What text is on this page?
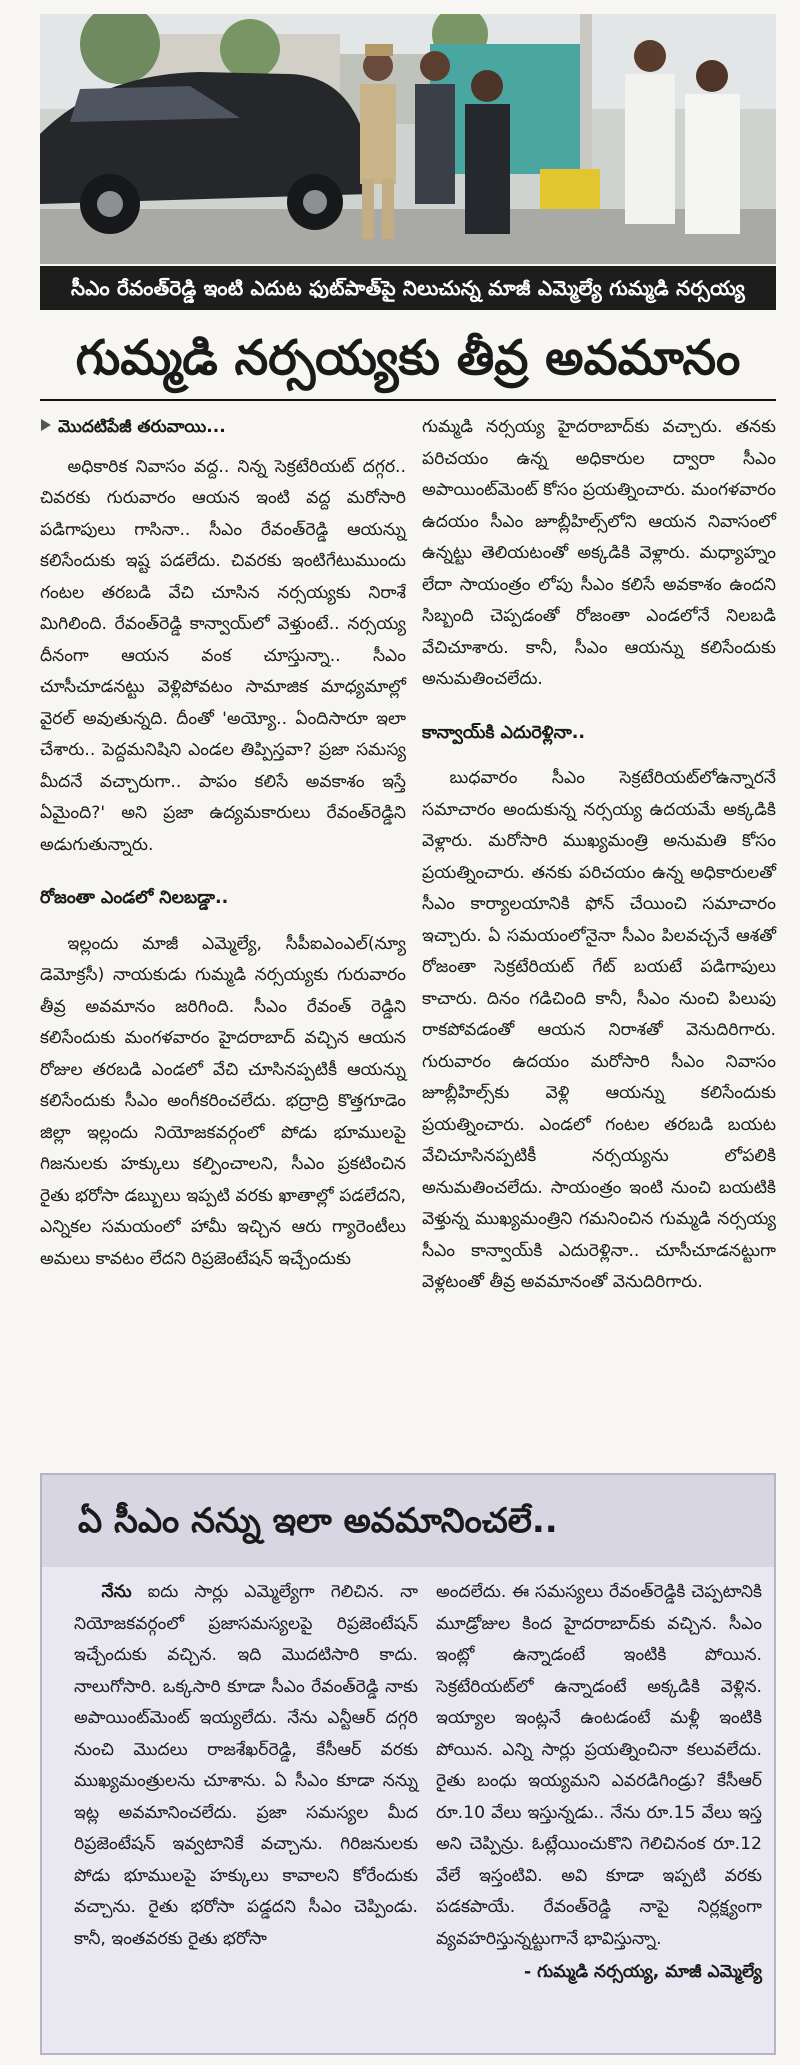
సీఎం రేవంత్‌రెడ్డి ఇంటి ఎదుట ఫుట్‌పాత్‌పై నిలుచున్న మాజీ ఎమ్మెల్యే గుమ్మడి నర్సయ్య
గుమ్మడి నర్సయ్యకు తీవ్ర అవమానం
మొదటిపేజీ తరువాయి...

అధికారిక నివాసం వద్ద.. నిన్న సెక్రటేరియట్ దగ్గర.. చివరకు గురువారం ఆయన ఇంటి వద్ద మరోసారి పడిగాపులు గాసినా.. సీఎం రేవంత్‌రెడ్డి ఆయన్ను కలిసేందుకు ఇష్ట పడలేదు. చివరకు ఇంటిగేటుముందు గంటల తరబడి వేచి చూసిన నర్సయ్యకు నిరాశే మిగిలింది. రేవంత్‌రెడ్డి కాన్వాయ్‌లో వెళ్తుంటే.. నర్సయ్య దీనంగా ఆయన వంక చూస్తున్నా.. సీఎం చూసీచూడనట్టు వెళ్లిపోవటం సామాజిక మాధ్యమాల్లో వైరల్ అవుతున్నది. దీంతో 'అయ్యో.. ఏందిసారూ ఇలా చేశారు.. పెద్దమనిషిని ఎండల తిప్పిస్తవా? ప్రజా సమస్య మీదనే వచ్చారుగా.. పాపం కలిసే అవకాశం ఇస్తే ఏమైంది?' అని ప్రజా ఉద్యమకారులు రేవంత్‌రెడ్డిని అడుగుతున్నారు.

రోజంతా ఎండలో నిలబడ్డా..

ఇల్లందు మాజీ ఎమ్మెల్యే, సీపీఐఎంఎల్(న్యూ డెమోక్రసీ) నాయకుడు గుమ్మడి నర్సయ్యకు గురువారం తీవ్ర అవమానం జరిగింది. సీఎం రేవంత్ రెడ్డిని కలిసేందుకు మంగళవారం హైదరాబాద్ వచ్చిన ఆయన రోజుల తరబడి ఎండలో వేచి చూసినప్పటికీ ఆయన్ను కలిసేందుకు సీఎం అంగీకరించలేదు. భద్రాద్రి కొత్తగూడెం జిల్లా ఇల్లందు నియోజకవర్గంలో పోడు భూములపై గిజనులకు హక్కులు కల్పించాలని, సీఎం ప్రకటించిన రైతు భరోసా డబ్బులు ఇప్పటి వరకు ఖాతాల్లో పడలేదని, ఎన్నికల సమయంలో హామీ ఇచ్చిన ఆరు గ్యారెంటీలు అమలు కావటం లేదని రిప్రజెంటేషన్ ఇచ్చేందుకు

గుమ్మడి నర్సయ్య హైదరాబాద్‌కు వచ్చారు. తనకు పరిచయం ఉన్న అధికారుల ద్వారా సీఎం అపాయింట్‌మెంట్ కోసం ప్రయత్నించారు. మంగళవారం ఉదయం సీఎం జూబ్లీహిల్స్‌లోని ఆయన నివాసంలో ఉన్నట్టు తెలియటంతో అక్కడికి వెళ్లారు. మధ్యాహ్నం లేదా సాయంత్రం లోపు సీఎం కలిసే అవకాశం ఉందని సిబ్బంది చెప్పడంతో రోజంతా ఎండలోనే నిలబడి వేచిచూశారు. కానీ, సీఎం ఆయన్ను కలిసేందుకు అనుమతించలేదు.

కాన్వాయ్‌కి ఎదురెళ్లినా..

బుధవారం సీఎం సెక్రటేరియట్‌లోఉన్నారనే సమాచారం అందుకున్న నర్సయ్య ఉదయమే అక్కడికి వెళ్లారు. మరోసారి ముఖ్యమంత్రి అనుమతి కోసం ప్రయత్నించారు. తనకు పరిచయం ఉన్న అధికారులతో సీఎం కార్యాలయానికి ఫోన్ చేయించి సమాచారం ఇచ్చారు. ఏ సమయంలోనైనా సీఎం పిలవచ్చనే ఆశతో రోజంతా సెక్రటేరియట్ గేట్ బయటే పడిగాపులు కాచారు. దినం గడిచింది కానీ, సీఎం నుంచి పిలుపు రాకపోవడంతో ఆయన నిరాశతో వెనుదిరిగారు. గురువారం ఉదయం మరోసారి సీఎం నివాసం జూబ్లీహిల్స్‌కు వెళ్లి ఆయన్ను కలిసేందుకు ప్రయత్నించారు. ఎండలో గంటల తరబడి బయట వేచిచూసినప్పటికీ నర్సయ్యను లోపలికి అనుమతించలేదు. సాయంత్రం ఇంటి నుంచి బయటికి వెళ్తున్న ముఖ్యమంత్రిని గమనించిన గుమ్మడి నర్సయ్య సీఎం కాన్వాయ్‌కి ఎదురెళ్లినా.. చూసీచూడనట్టుగా వెళ్లటంతో తీవ్ర అవమానంతో వెనుదిరిగారు.

ఏ సీఎం నన్ను ఇలా అవమానించలే..

నేను ఐదు సార్లు ఎమ్మెల్యేగా గెలిచిన. నా నియోజకవర్గంలో ప్రజాసమస్యలపై రిప్రజెంటేషన్ ఇచ్చేందుకు వచ్చిన. ఇది మొదటిసారి కాదు. నాలుగోసారి. ఒక్కసారి కూడా సీఎం రేవంత్‌రెడ్డి నాకు అపాయింట్‌మెంట్ ఇయ్యలేదు. నేను ఎన్టీఆర్ దగ్గరి నుంచి మొదలు రాజశేఖర్‌రెడ్డి, కేసీఆర్ వరకు ముఖ్యమంత్రులను చూశాను. ఏ సీఎం కూడా నన్ను ఇట్ల అవమానించలేదు. ప్రజా సమస్యల మీద రిప్రజెంటేషన్ ఇవ్వటానికే వచ్చాను. గిరిజనులకు పోడు భూములపై హక్కులు కావాలని కోరేందుకు వచ్చాను. రైతు భరోసా పడ్డదని సీఎం చెప్పిండు. కానీ, ఇంతవరకు రైతు భరోసా

అందలేదు. ఈ సమస్యలు రేవంత్‌రెడ్డికి చెప్పటానికి మూడ్రోజుల కింద హైదరాబాద్‌కు వచ్చిన. సీఎం ఇంట్లో ఉన్నాడంటే ఇంటికి పోయిన. సెక్రటేరియట్‌లో ఉన్నాడంటే అక్కడికి వెళ్లిన. ఇయ్యాల ఇంట్లనే ఉంటడంటే మళ్లీ ఇంటికి పోయిన. ఎన్ని సార్లు ప్రయత్నించినా కలువలేదు. రైతు బంధు ఇయ్యమని ఎవరడిగిండ్రు? కేసీఆర్ రూ.10 వేలు ఇస్తున్నడు.. నేను రూ.15 వేలు ఇస్త అని చెప్పిన్రు. ఓట్లేయించుకొని గెలిచినంక రూ.12 వేలే ఇస్తంటివి. అవి కూడా ఇప్పటి వరకు పడకపాయే. రేవంత్‌రెడ్డి నాపై నిర్లక్ష్యంగా వ్యవహరిస్తున్నట్టుగానే భావిస్తున్నా.

- గుమ్మడి నర్సయ్య, మాజీ ఎమ్మెల్యే
